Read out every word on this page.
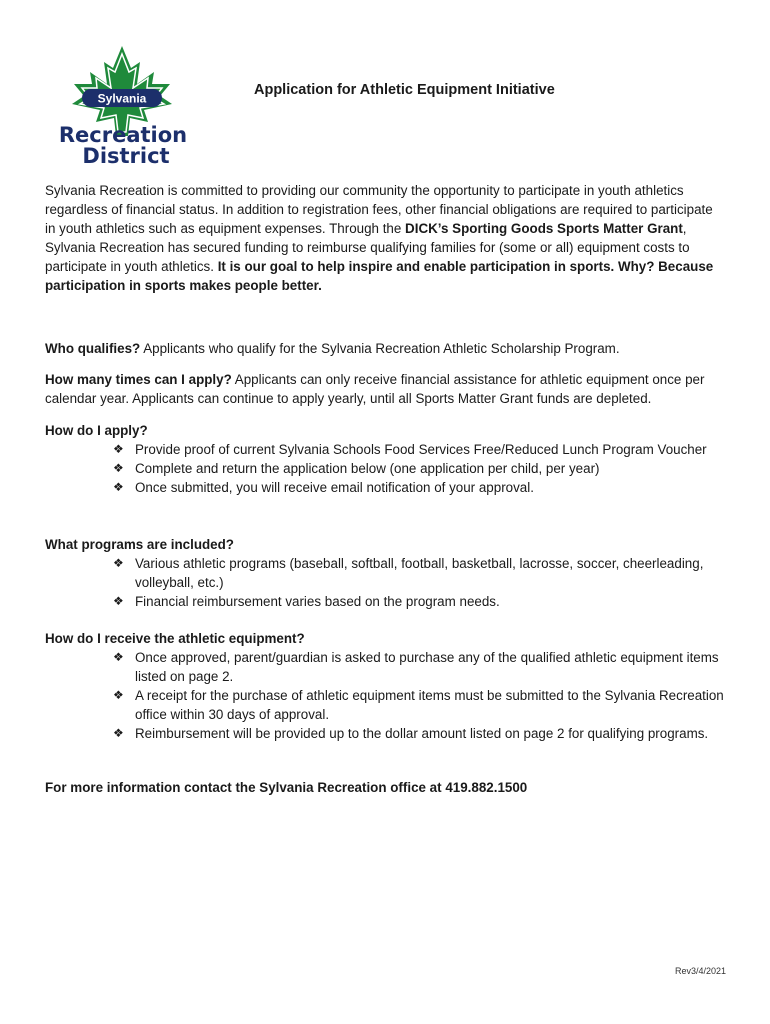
Sylvania
Recreation
District
Application for Athletic Equipment Initiative
Sylvania Recreation is committed to providing our community the opportunity to participate in youth athletics regardless of financial status. In addition to registration fees, other financial obligations are required to participate in youth athletics such as equipment expenses. Through the DICK’s Sporting Goods Sports Matter Grant, Sylvania Recreation has secured funding to reimburse qualifying families for (some or all) equipment costs to participate in youth athletics. It is our goal to help inspire and enable participation in sports. Why? Because participation in sports makes people better.
Who qualifies? Applicants who qualify for the Sylvania Recreation Athletic Scholarship Program.
How many times can I apply? Applicants can only receive financial assistance for athletic equipment once per calendar year. Applicants can continue to apply yearly, until all Sports Matter Grant funds are depleted.
How do I apply?
❖ Provide proof of current Sylvania Schools Food Services Free/Reduced Lunch Program Voucher
❖ Complete and return the application below (one application per child, per year)
❖ Once submitted, you will receive email notification of your approval.
What programs are included?
❖ Various athletic programs (baseball, softball, football, basketball, lacrosse, soccer, cheerleading, volleyball, etc.)
❖ Financial reimbursement varies based on the program needs.
How do I receive the athletic equipment?
❖ Once approved, parent/guardian is asked to purchase any of the qualified athletic equipment items listed on page 2.
❖ A receipt for the purchase of athletic equipment items must be submitted to the Sylvania Recreation office within 30 days of approval.
❖ Reimbursement will be provided up to the dollar amount listed on page 2 for qualifying programs.
For more information contact the Sylvania Recreation office at 419.882.1500
Rev3/4/2021
